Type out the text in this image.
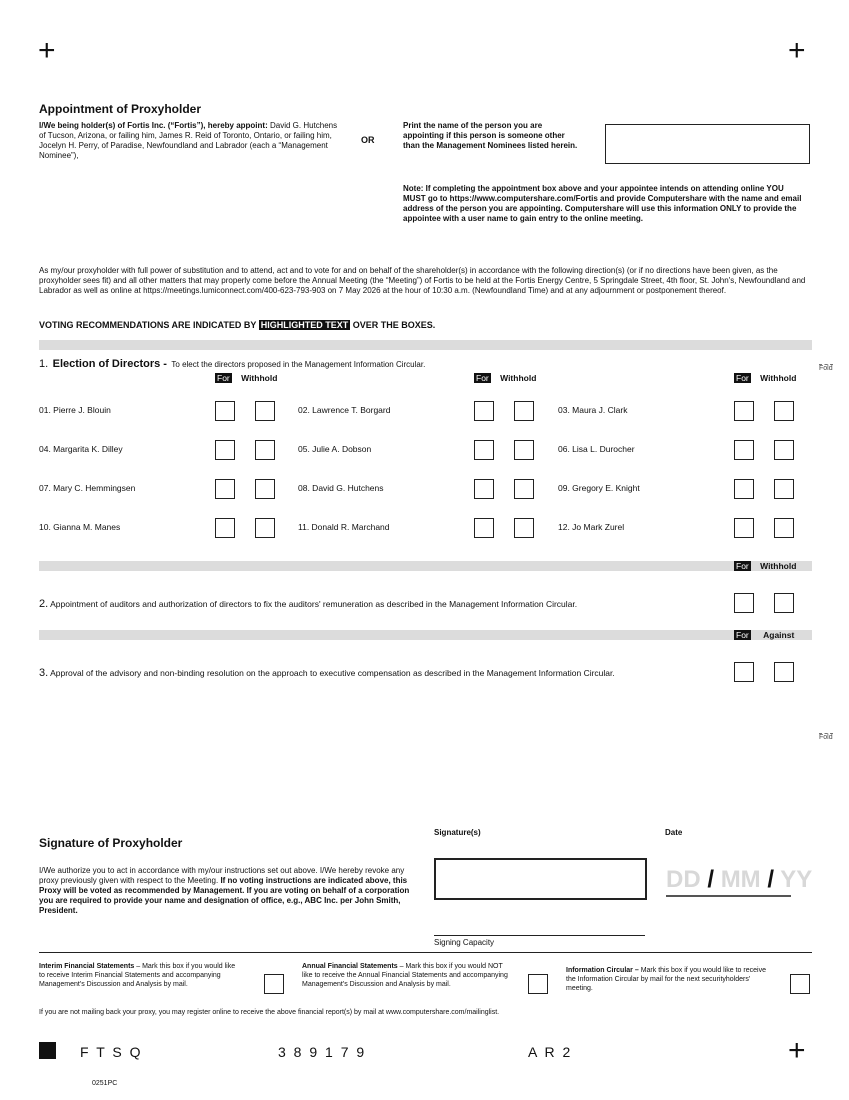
+	+
+
Appointment of Proxyholder
I/We being holder(s) of Fortis Inc. (“Fortis”), hereby appoint: David G. Hutchens of Tucson, Arizona, or failing him, James R. Reid of Toronto, Ontario, or failing him, Jocelyn H. Perry, of Paradise, Newfoundland and Labrador (each a “Management Nominee”),
OR
Print the name of the person you are appointing if this person is someone other than the Management Nominees listed herein.
Note: If completing the appointment box above and your appointee intends on attending online YOU MUST go to https://www.computershare.com/Fortis and provide Computershare with the name and email address of the person you are appointing. Computershare will use this information ONLY to provide the appointee with a user name to gain entry to the online meeting.
As my/our proxyholder with full power of substitution and to attend, act and to vote for and on behalf of the shareholder(s) in accordance with the following direction(s) (or if no directions have been given, as the proxyholder sees fit) and all other matters that may properly come before the Annual Meeting (the “Meeting”) of Fortis to be held at the Fortis Energy Centre, 5 Springdale Street, 4th floor, St. John's, Newfoundland and Labrador as well as online at https://meetings.lumiconnect.com/400-623-793-903 on 7 May 2026 at the hour of 10:30 a.m. (Newfoundland Time) and at any adjournment or postponement thereof.
VOTING RECOMMENDATIONS ARE INDICATED BY HIGHLIGHTED TEXT OVER THE BOXES.
1. Election of Directors - To elect the directors proposed in the Management Information Circular.
For Withhold	For Withhold	For Withhold
Fold
01. Pierre J. Blouin	02. Lawrence T. Borgard	03. Maura J. Clark
04. Margarita K. Dilley	05. Julie A. Dobson	06. Lisa L. Durocher
07. Mary C. Hemmingsen	08. David G. Hutchens	09. Gregory E. Knight
10. Gianna M. Manes	11. Donald R. Marchand	12. Jo Mark Zurel
For Withhold
2. Appointment of auditors and authorization of directors to fix the auditors' remuneration as described in the Management Information Circular.
For Against
3. Approval of the advisory and non-binding resolution on the approach to executive compensation as described in the Management Information Circular.
Fold
Signature of Proxyholder
I/We authorize you to act in accordance with my/our instructions set out above. I/We hereby revoke any proxy previously given with respect to the Meeting. If no voting instructions are indicated above, this Proxy will be voted as recommended by Management. If you are voting on behalf of a corporation you are required to provide your name and designation of office, e.g., ABC Inc. per John Smith, President.
Signature(s)	Date
DD / MM / YY
Signing Capacity
Interim Financial Statements – Mark this box if you would like to receive Interim Financial Statements and accompanying Management's Discussion and Analysis by mail.
Annual Financial Statements – Mark this box if you would NOT like to receive the Annual Financial Statements and accompanying Management's Discussion and Analysis by mail.
Information Circular – Mark this box if you would like to receive the Information Circular by mail for the next securityholders' meeting.
If you are not mailing back your proxy, you may register online to receive the above financial report(s) by mail at www.computershare.com/mailinglist.
F T S Q	3 8 9 1 7 9	A R 2
0251PC
